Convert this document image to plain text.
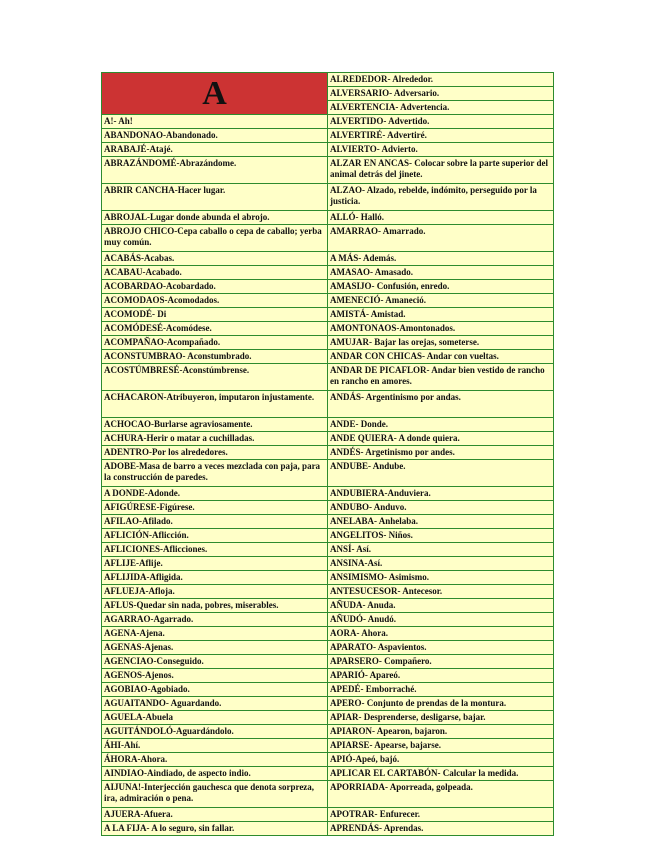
A	ALREDEDOR- Alrededor.
	ALVERSARIO- Adversario.
	ALVERTENCIA- Advertencia.
A!- Ah!	ALVERTIDO- Advertido.
ABANDONAO-Abandonado.	ALVERTIRÉ- Advertiré.
ARABAJÉ-Atajé.	ALVIERTO- Advierto.
ABRAZÁNDOMÉ-Abrazándome.	ALZAR EN ANCAS- Colocar sobre la parte superior del animal detrás del jinete.
ABRIR CANCHA-Hacer lugar.	ALZAO- Alzado, rebelde, indómito, perseguido por la justicia.
ABROJAL-Lugar donde abunda el abrojo.	ALLÓ- Halló.
ABROJO CHICO-Cepa caballo o cepa de caballo; yerba muy común.	AMARRAO- Amarrado.
ACABÁS-Acabas.	A MÁS- Además.
ACABAU-Acabado.	AMASAO- Amasado.
ACOBARDAO-Acobardado.	AMASIJO- Confusión, enredo.
ACOMODAOS-Acomodados.	AMENECIÓ- Amaneció.
ACOMODÉ- Di	AMISTÁ- Amistad.
ACOMÓDESÉ-Acomódese.	AMONTONAOS-Amontonados.
ACOMPAÑAO-Acompañado.	AMUJAR- Bajar las orejas, someterse.
ACONSTUMBRAO- Aconstumbrado.	ANDAR CON CHICAS- Andar con vueltas.
ACOSTÚMBRESÉ-Aconstúmbrense.	ANDAR DE PICAFLOR- Andar bien vestido de rancho en rancho en amores.
ACHACARON-Atribuyeron, imputaron injustamente.	ANDÁS- Argentinismo por andas.
ACHOCAO-Burlarse agraviosamente.	ANDE- Donde.
ACHURA-Herir o matar a cuchilladas.	ANDE QUIERA- A donde quiera.
ADENTRO-Por los alrededores.	ANDÉS- Argetinismo por andes.
ADOBE-Masa de barro a veces mezclada con paja, para la construcción de paredes.	ANDUBE- Andube.
A DONDE-Adonde.	ANDUBIERA-Anduviera.
AFIGÚRESE-Figúrese.	ANDUBO- Anduvo.
AFILAO-Afilado.	ANELABA- Anhelaba.
AFLICIÓN-Aflicción.	ANGELITOS- Niños.
AFLICIONES-Aflicciones.	ANSÍ- Así.
AFLIJE-Aflije.	ANSINA-Así.
AFLIJIDA-Afligida.	ANSIMISMO- Asimismo.
AFLUEJA-Afloja.	ANTESUCESOR- Antecesor.
AFLUS-Quedar sin nada, pobres, miserables.	AÑUDA- Anuda.
AGARRAO-Agarrado.	AÑUDÓ- Anudó.
AGENA-Ajena.	AORA- Ahora.
AGENAS-Ajenas.	APARATO- Aspavientos.
AGENCIAO-Conseguido.	APARSERO- Compañero.
AGENOS-Ajenos.	APARIÓ- Apareó.
AGOBIAO-Agobiado.	APEDÉ- Emborraché.
AGUAITANDO- Aguardando.	APERO- Conjunto de prendas de la montura.
AGUELA-Abuela	APIAR- Desprenderse, desligarse, bajar.
AGUITÁNDOLÓ-Aguardándolo.	APIARON- Apearon, bajaron.
ÁHI-Ahí.	APIARSE- Apearse, bajarse.
ÁHORA-Ahora.	APIÓ-Apeó, bajó.
AINDIAO-Aindiado, de aspecto indio.	APLICAR EL CARTABÓN- Calcular la medida.
AIJUNA!-Interjección gauchesca que denota sorpreza, ira, admiración o pena.	APORRIADA- Aporreada, golpeada.
AJUERA-Afuera.	APOTRAR- Enfurecer.
A LA FIJA- A lo seguro, sin fallar.	APRENDÁS- Aprendas.
